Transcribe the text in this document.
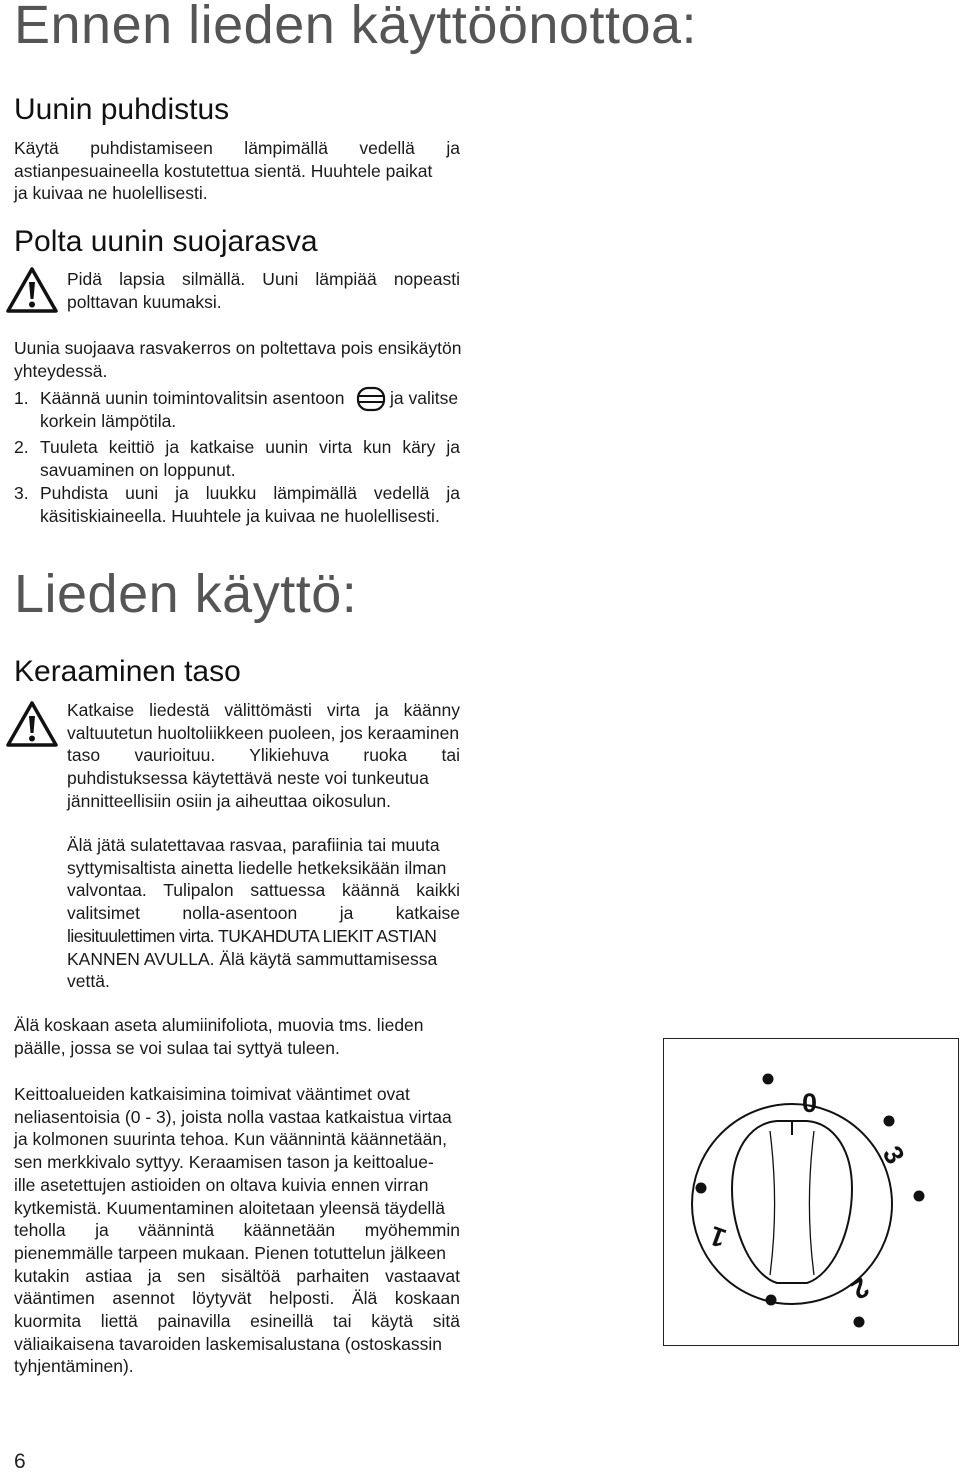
Ennen lieden käyttöönottoa:
Uunin puhdistus
Käytä puhdistamiseen lämpimällä vedellä ja
astianpesuaineella kostutettua sientä. Huuhtele paikat
ja kuivaa ne huolellisesti.
Polta uunin suojarasva
Pidä lapsia silmällä. Uuni lämpiää nopeasti
polttavan kuumaksi.
Uunia suojaava rasvakerros on poltettava pois ensikäytön
yhteydessä.
1. Käännä uunin toimintovalitsin asentoon	ja valitse
korkein lämpötila.
2. Tuuleta keittiö ja katkaise uunin virta kun käry ja
savuaminen on loppunut.
3. Puhdista uuni ja luukku lämpimällä vedellä ja
käsitiskiaineella. Huuhtele ja kuivaa ne huolellisesti.
Lieden käyttö:
Keraaminen taso
Katkaise liedestä välittömästi virta ja käänny
valtuutetun huoltoliikkeen puoleen, jos keraaminen
taso vaurioituu. Ylikiehuva ruoka tai
puhdistuksessa käytettävä neste voi tunkeutua
jännitteellisiin osiin ja aiheuttaa oikosulun.
Älä jätä sulatettavaa rasvaa, parafiinia tai muuta
syttymisaltista ainetta liedelle hetkeksikään ilman
valvontaa. Tulipalon sattuessa käännä kaikki
valitsimet nolla-asentoon ja katkaise
liesituulettimen virta. TUKAHDUTA LIEKIT ASTIAN
KANNEN AVULLA. Älä käytä sammuttamisessa
vettä.
Älä koskaan aseta alumiinifoliota, muovia tms. lieden
päälle, jossa se voi sulaa tai syttyä tuleen.
Keittoalueiden katkaisimina toimivat vääntimet ovat
neliasentoisia (0 - 3), joista nolla vastaa katkaistua virtaa
ja kolmonen suurinta tehoa. Kun väännintä käännetään,
sen merkkivalo syttyy. Keraamisen tason ja keittoalue-
ille asetettujen astioiden on oltava kuivia ennen virran
kytkemistä. Kuumentaminen aloitetaan yleensä täydellä
teholla ja väännintä käännetään myöhemmin
pienemmälle tarpeen mukaan. Pienen totuttelun jälkeen
kutakin astiaa ja sen sisältöä parhaiten vastaavat
vääntimen asennot löytyvät helposti. Älä koskaan
kuormita liettä painavilla esineillä tai käytä sitä
väliaikaisena tavaroiden laskemisalustana (ostoskassin
tyhjentäminen).
0
3
2
1
6
